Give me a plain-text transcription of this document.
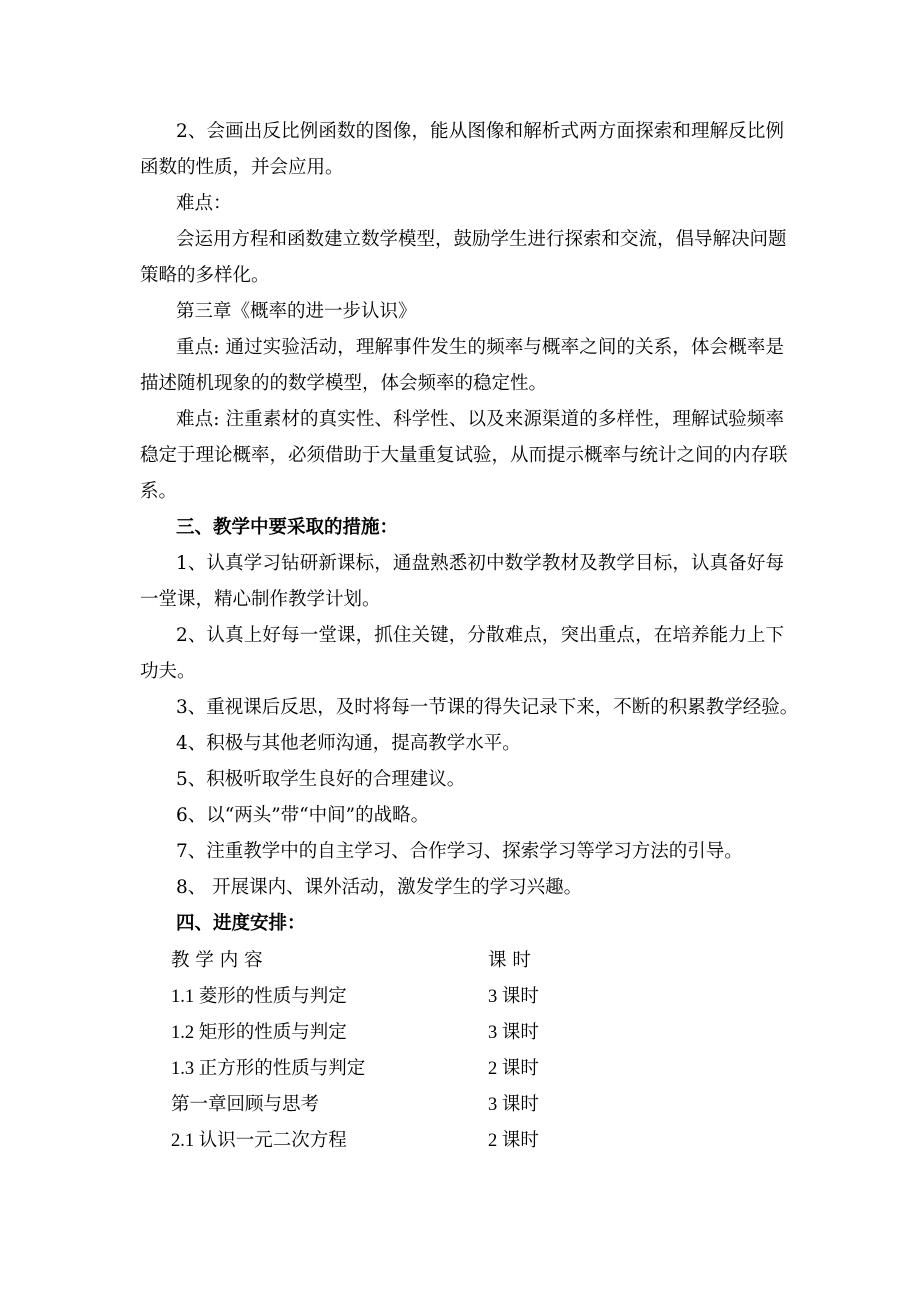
2、会画出反比例函数的图像，能从图像和解析式两方面探索和理解反比例
函数的性质，并会应用。
难点：
会运用方程和函数建立数学模型，鼓励学生进行探索和交流，倡导解决问题
策略的多样化。
第三章《概率的进一步认识》
重点: 通过实验活动，理解事件发生的频率与概率之间的关系，体会概率是
描述随机现象的的数学模型，体会频率的稳定性。
难点: 注重素材的真实性、科学性、以及来源渠道的多样性，理解试验频率
稳定于理论概率，必须借助于大量重复试验，从而提示概率与统计之间的内存联
系。
三、教学中要采取的措施：
1、认真学习钻研新课标，通盘熟悉初中数学教材及教学目标，认真备好每
一堂课，精心制作教学计划。
2、认真上好每一堂课，抓住关键，分散难点，突出重点，在培养能力上下
功夫。
3、重视课后反思，及时将每一节课的得失记录下来，不断的积累教学经验。
4、积极与其他老师沟通，提高教学水平。
5、积极听取学生良好的合理建议。
6、以“两头”带“中间”的战略。
7、注重教学中的自主学习、合作学习、探索学习等学习方法的引导。
8、 开展课内、课外活动，激发学生的学习兴趣。
四、进度安排：
教 学 内 容	课 时
1.1 菱形的性质与判定	3 课时
1.2 矩形的性质与判定	3 课时
1.3 正方形的性质与判定	2 课时
第一章回顾与思考	3 课时
2.1 认识一元二次方程	2 课时
